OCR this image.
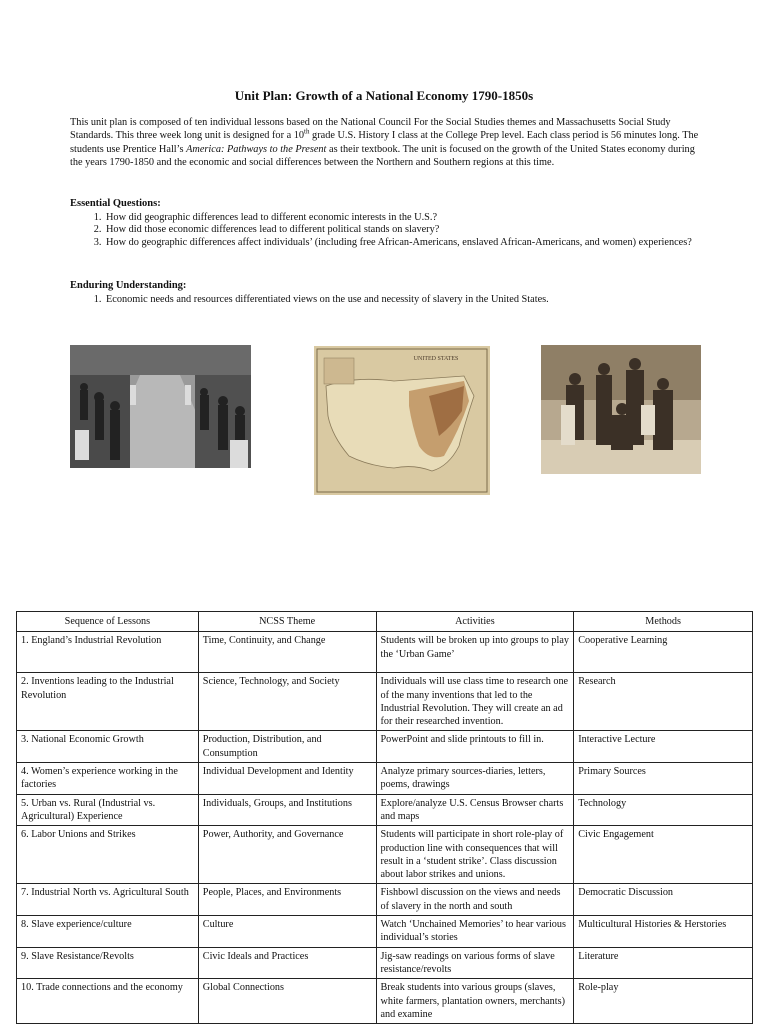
Unit Plan: Growth of a National Economy 1790-1850s

This unit plan is composed of ten individual lessons based on the National Council For the Social Studies themes and Massachusetts Social Study Standards. This three week long unit is designed for a 10th grade U.S. History I class at the College Prep level. Each class period is 56 minutes long. The students use Prentice Hall’s America: Pathways to the Present as their textbook. The unit is focused on the growth of the United States economy during the years 1790-1850 and the economic and social differences between the Northern and Southern regions at this time.

Essential Questions:
1. How did geographic differences lead to different economic interests in the U.S.?
2. How did those economic differences lead to different political stands on slavery?
3. How do geographic differences affect individuals’ (including free African-Americans, enslaved African-Americans, and women) experiences?
Enduring Understanding:
1. Economic needs and resources differentiated views on the use and necessity of slavery in the United States.
UNITED STATES
Sequence of Lessons	NCSS Theme	Activities	Methods
1. England’s Industrial Revolution	Time, Continuity, and Change	Students will be broken up into groups to play the ‘Urban Game’	Cooperative Learning
2. Inventions leading to the Industrial Revolution	Science, Technology, and Society	Individuals will use class time to research one of the many inventions that led to the Industrial Revolution. They will create an ad for their researched invention.	Research
3. National Economic Growth	Production, Distribution, and Consumption	PowerPoint and slide printouts to fill in.	Interactive Lecture
4. Women’s experience working in the factories	Individual Development and Identity	Analyze primary sources-diaries, letters, poems, drawings	Primary Sources
5. Urban vs. Rural (Industrial vs. Agricultural) Experience	Individuals, Groups, and Institutions	Explore/analyze U.S. Census Browser charts and maps	Technology
6. Labor Unions and Strikes	Power, Authority, and Governance	Students will participate in short role-play of production line with consequences that will result in a ‘student strike’. Class discussion about labor strikes and unions.	Civic Engagement
7. Industrial North vs. Agricultural South	People, Places, and Environments	Fishbowl discussion on the views and needs of slavery in the north and south	Democratic Discussion
8. Slave experience/culture	Culture	Watch ‘Unchained Memories’ to hear various individual’s stories	Multicultural Histories & Herstories
9. Slave Resistance/Revolts	Civic Ideals and Practices	Jig-saw readings on various forms of slave resistance/revolts	Literature
10. Trade connections and the economy	Global Connections	Break students into various groups (slaves, white farmers, plantation owners, merchants) and examine	Role-play
